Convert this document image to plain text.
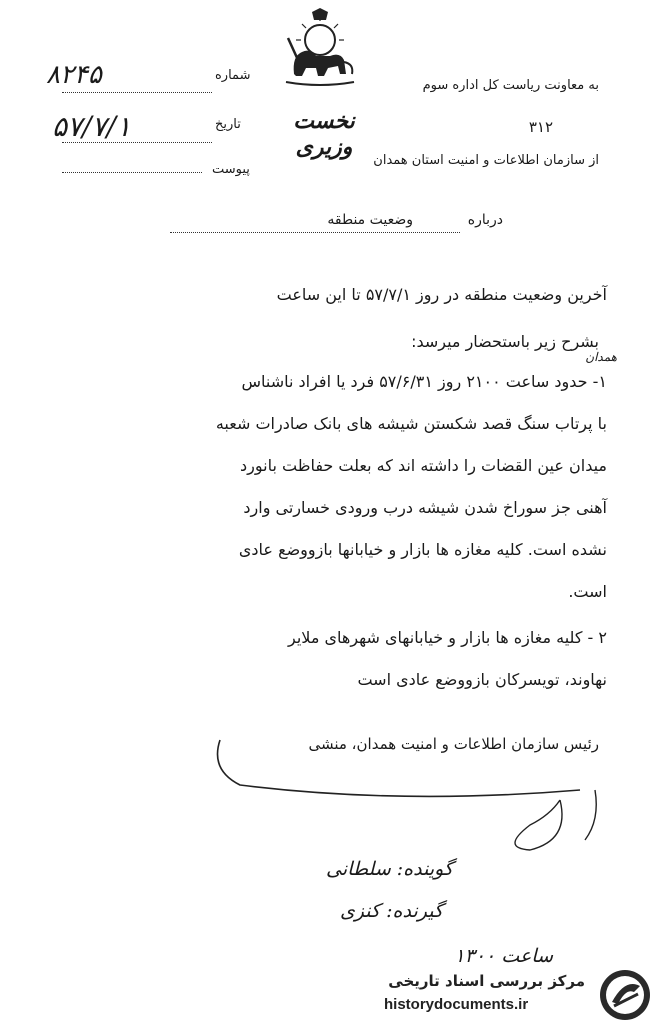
به معاونت ریاست کل اداره سوم
۳۱۲
از سازمان اطلاعات و امنیت استان همدان
نخست وزیری
شماره
۸۲۴۵
تاریخ
۵۷/۷/۱
پیوست
درباره
وضعیت منطقه
آخرین وضعیت منطقه در روز ۵۷/۷/۱ تا این ساعت
بشرح زیر باستحضار میرسد:
همدان
۱- حدود ساعت ۲۱۰۰ روز ۵۷/۶/۳۱ فرد یا افراد ناشناس
با پرتاب سنگ قصد شکستن شیشه های بانک صادرات شعبه
میدان عین القضات را داشته اند که بعلت حفاظت بانورد
آهنی جز سوراخ شدن شیشه درب ورودی خسارتی وارد
نشده است. کلیه مغازه ها بازار و خیابانها بازووضع عادی
است.
۲ - کلیه مغازه ها بازار و خیابانهای شهرهای ملایر
نهاوند، تویسرکان بازووضع عادی است
رئیس سازمان اطلاعات و امنیت همدان، منشی
گوینده: سلطانی
گیرنده: کنزی
ساعت ۱۳۰۰
مرکز بررسی اسناد تاریخی
historydocuments.ir
